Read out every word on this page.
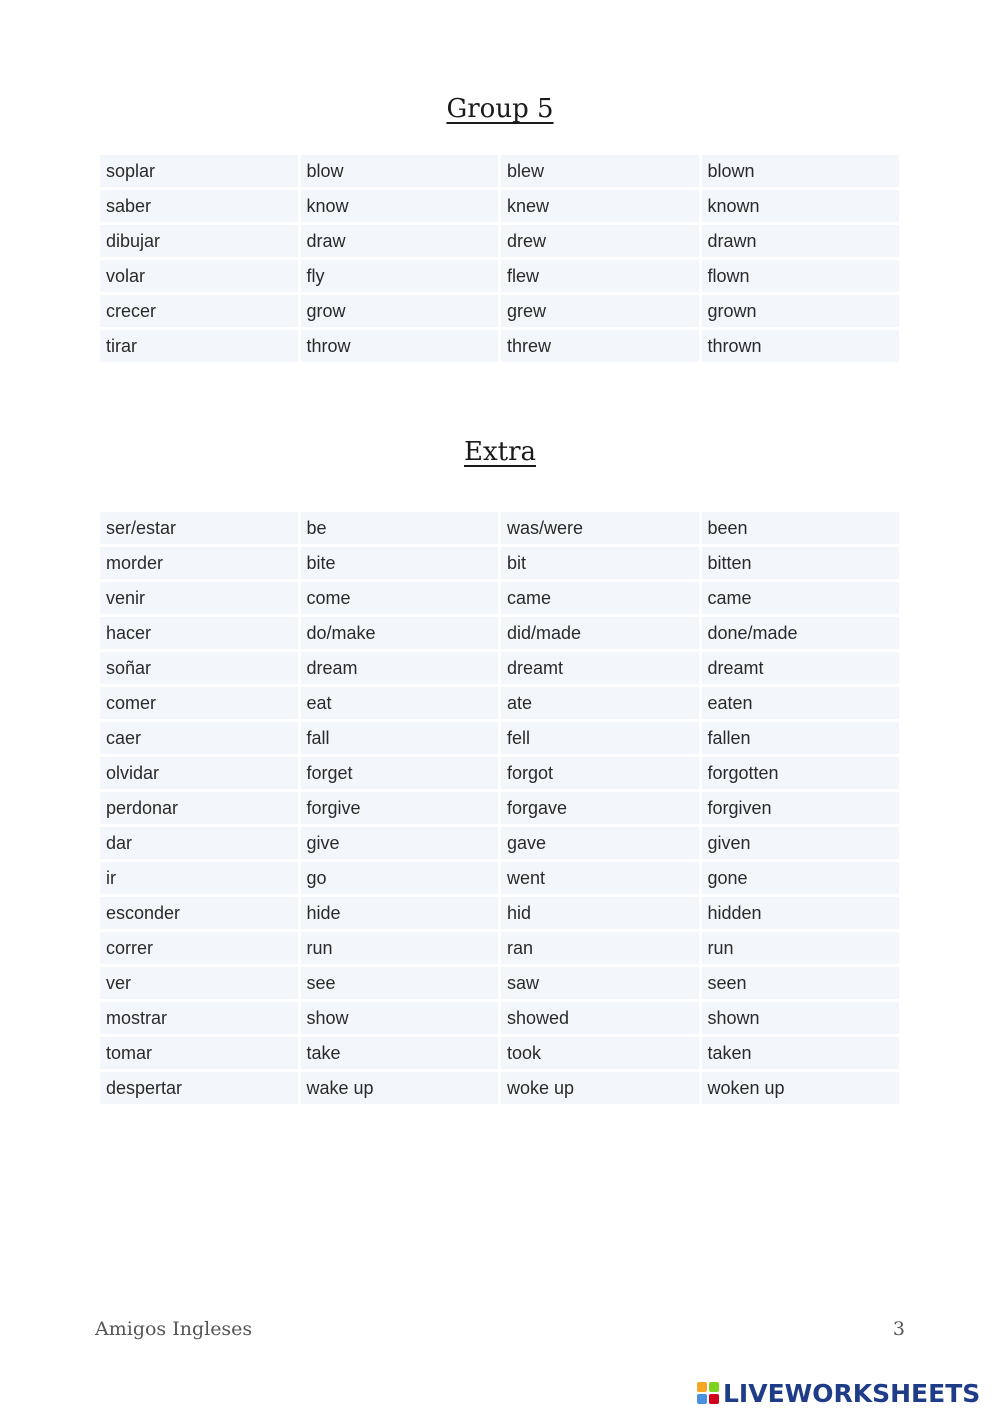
Group 5
soplar	blow	blew	blown
saber	know	knew	known
dibujar	draw	drew	drawn
volar	fly	flew	flown
crecer	grow	grew	grown
tirar	throw	threw	thrown
Extra
ser/estar	be	was/were	been
morder	bite	bit	bitten
venir	come	came	came
hacer	do/make	did/made	done/made
soñar	dream	dreamt	dreamt
comer	eat	ate	eaten
caer	fall	fell	fallen
olvidar	forget	forgot	forgotten
perdonar	forgive	forgave	forgiven
dar	give	gave	given
ir	go	went	gone
esconder	hide	hid	hidden
correr	run	ran	run
ver	see	saw	seen
mostrar	show	showed	shown
tomar	take	took	taken
despertar	wake up	woke up	woken up
Amigos Ingleses	3
LIVEWORKSHEETS
